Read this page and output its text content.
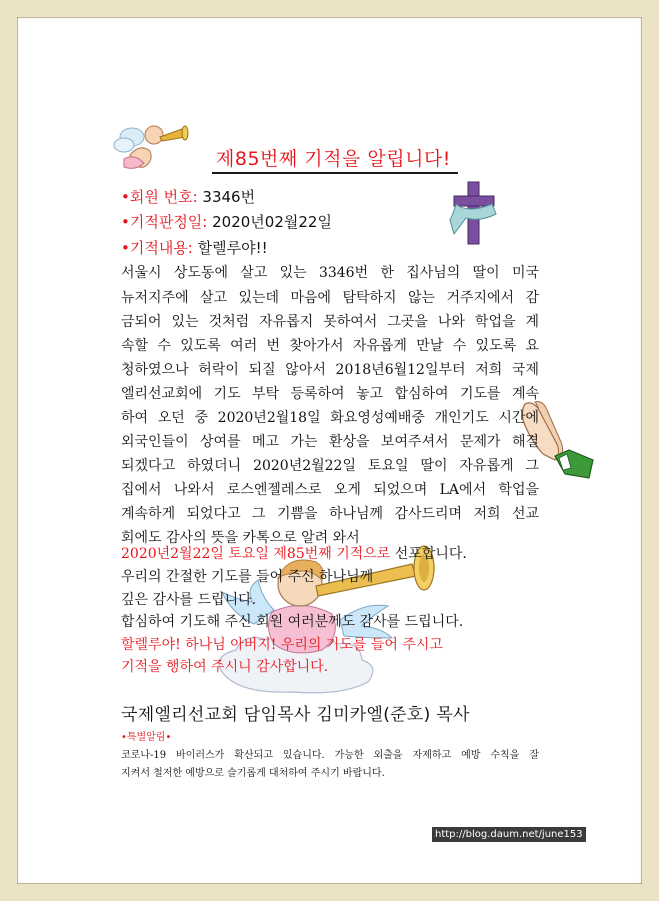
제85번째 기적을 알립니다!
•회원 번호: 3346번
•기적판정일: 2020년02월22일
•기적내용: 할렐루야!!
서울시 상도동에 살고 있는 3346번 한 집사님의 딸이 미국
뉴저지주에 살고 있는데 마음에 탐탁하지 않는 거주지에서 감
금되어 있는 것처럼 자유롭지 못하여서 그곳을 나와 학업을 계
속할 수 있도록 여러 번 찾아가서 자유롭게 만날 수 있도록 요
청하였으나 허락이 되질 않아서 2018년6월12일부터 저희 국제
엘리선교회에 기도 부탁 등록하여 놓고 합심하여 기도를 계속
하여 오던 중 2020년2월18일 화요영성예배중 개인기도 시간에
외국인들이 상여를 메고 가는 환상을 보여주셔서 문제가 해결
되겠다고 하였더니 2020년2월22일 토요일 딸이 자유롭게 그
집에서 나와서 로스엔젤레스로 오게 되었으며 LA에서 학업을
계속하게 되었다고 그 기쁨을 하나님께 감사드리며 저희 선교
회에도 감사의 뜻을 카톡으로 알려 와서
2020년2월22일 토요일 제85번째 기적으로 선포합니다.
우리의 간절한 기도를 들어 주신 하나님께
깊은 감사를 드립니다.
합심하여 기도해 주신 회원 여러분께도 감사를 드립니다.
할렐루야! 하나님 아버지! 우리의 기도를 들어 주시고
기적을 행하여 주시니 감사합니다.
국제엘리선교회 담임목사 김미카엘(준호) 목사
•특별알림•
코로나-19 바이러스가 확산되고 있습니다. 가능한 외출을 자제하고 예방 수칙을 잘
지켜서 철저한 예방으로 슬기롭게 대처하여 주시기 바랍니다.
http://blog.daum.net/june153
